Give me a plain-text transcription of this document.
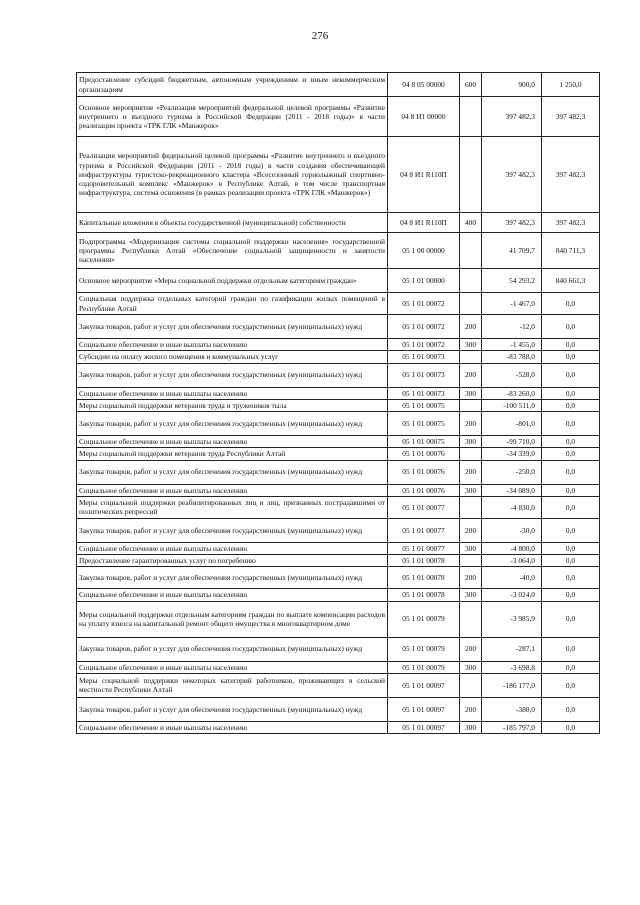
276
Предоставление субсидий бюджетным, автономным учреждениям и иным некоммерческим организациям	04 8 05 00000	600	900,0	1 250,0
Основное мероприятие «Реализация мероприятий федеральной целевой программы «Развитие внутреннего и въездного туризма в Российской Федерации (2011 - 2018 годы)» в части реализации проекта «ТРК ГЛК «Манжерок»	04 8 И1 00000		397 482,3	397 482,3
Реализация мероприятий федеральной целевой программы «Развитие внутреннего и въездного туризма в Российской Федерации (2011 - 2018 годы) в части создания обеспечивающей инфраструктуры туристско-рекреационного кластера «Всесезонный горнолыжный спортивно-оздоровительный комплекс «Манжерок» в Республике Алтай, в том числе транспортная инфраструктура, система оснежения (в рамках реализации проекта «ТРК ГЛК «Манжерок»)	04 8 И1 R110П		397 482,3	397 482,3
Капитальные вложения в объекты государственной (муниципальной) собственности	04 8 И1 R110П	400	397 482,3	397 482,3
Подпрограмма «Модернизация системы социальной поддержки населения» государственной программы Республики Алтай «Обеспечение социальной защищенности и занятости населения»	05 1 00 00000		41 709,7	840 711,3
Основное мероприятие «Меры социальной поддержки отдельным категориям граждан»	05 1 01 00000		54 293,2	840 661,3
Социальная поддержка отдельных категорий граждан по газификации жилых помещений в Республике Алтай	05 1 01 00072		-1 467,0	0,0
Закупка товаров, работ и услуг для обеспечения государственных (муниципальных) нужд	05 1 01 00072	200	-12,0	0,0
Социальное обеспечение и иные выплаты населению	05 1 01 00072	300	-1 455,0	0,0
Субсидии на оплату жилого помещения и коммунальных услуг	05 1 01 00073		-83 788,0	0,0
Закупка товаров, работ и услуг для обеспечения государственных (муниципальных) нужд	05 1 01 00073	200	-528,0	0,0
Социальное обеспечение и иные выплаты населению	05 1 01 00073	300	-83 260,0	0,0
Меры социальной поддержки ветеранов труда и тружеников тыла	05 1 01 00075		-100 511,0	0,0
Закупка товаров, работ и услуг для обеспечения государственных (муниципальных) нужд	05 1 01 00075	200	-801,0	0,0
Социальное обеспечение и иные выплаты населению	05 1 01 00075	300	-99 710,0	0,0
Меры социальной поддержки ветеранов труда Республики Алтай	05 1 01 00076		-34 339,0	0,0
Закупка товаров, работ и услуг для обеспечения государственных (муниципальных) нужд	05 1 01 00076	200	-250,0	0,0
Социальное обеспечение и иные выплаты населению	05 1 01 00076	300	-34 089,0	0,0
Меры социальной поддержки реабилитированных лиц и лиц, признанных пострадавшими от политических репрессий	05 1 01 00077		-4 830,0	0,0
Закупка товаров, работ и услуг для обеспечения государственных (муниципальных) нужд	05 1 01 00077	200	-30,0	0,0
Социальное обеспечение и иные выплаты населению	05 1 01 00077	300	-4 800,0	0,0
Предоставление гарантированных услуг по погребению	05 1 01 00078		-3 064,0	0,0
Закупка товаров, работ и услуг для обеспечения государственных (муниципальных) нужд	05 1 01 00078	200	-40,0	0,0
Социальное обеспечение и иные выплаты населению	05 1 01 00078	300	-3 024,0	0,0
Меры социальной поддержки отдельным категориям граждан по выплате компенсации расходов на уплату взноса на капитальный ремонт общего имущества в многоквартирном доме	05 1 01 00079		-3 985,9	0,0
Закупка товаров, работ и услуг для обеспечения государственных (муниципальных) нужд	05 1 01 00079	200	-287,1	0,0
Социальное обеспечение и иные выплаты населению	05 1 01 00079	300	-3 698,8	0,0
Меры социальной поддержки некоторых категорий работников, проживающих в сельской местности Республики Алтай	05 1 01 00097		-186 177,0	0,0
Закупка товаров, работ и услуг для обеспечения государственных (муниципальных) нужд	05 1 01 00097	200	-380,0	0,0
Социальное обеспечение и иные выплаты населению	05 1 01 00097	300	-185 797,0	0,0
